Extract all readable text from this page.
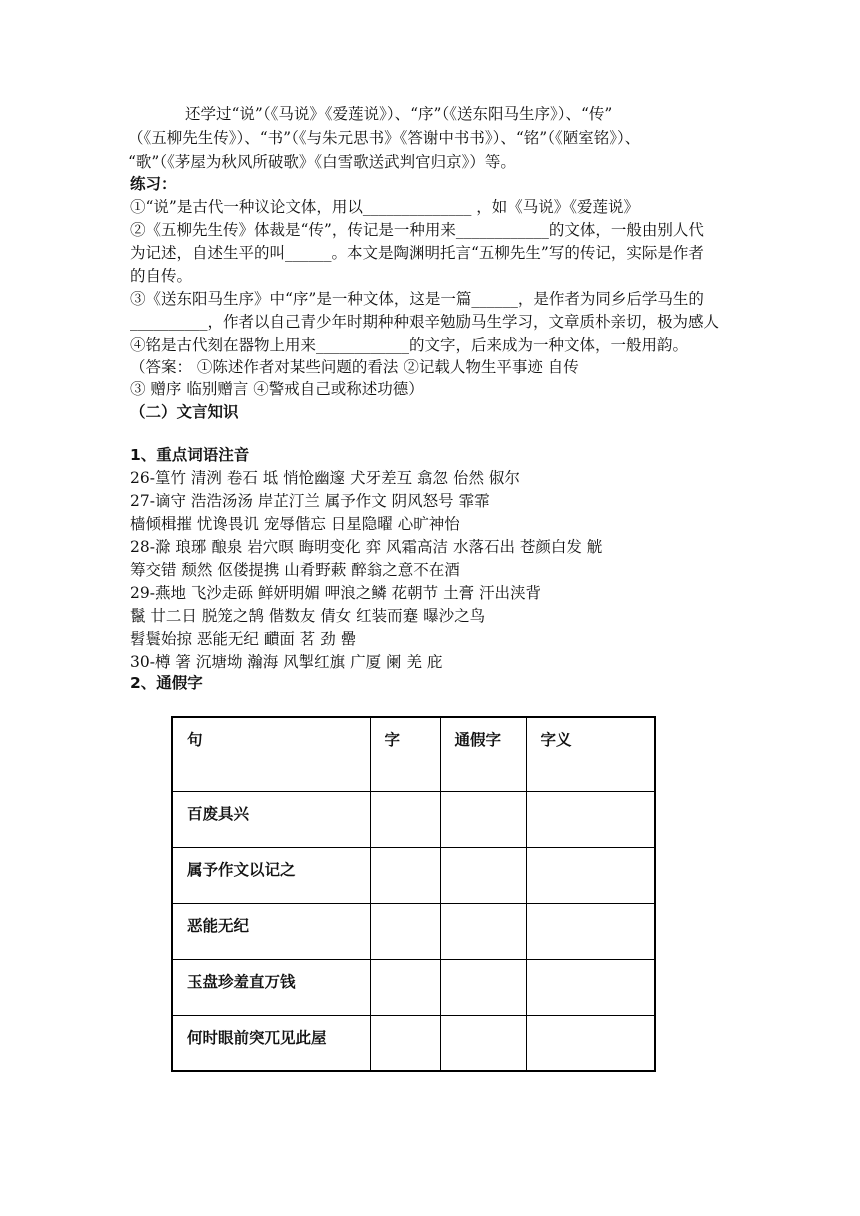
还学过“说”（《马说》《爱莲说》）、“序”（《送东阳马生序》）、“传”
（《五柳先生传》）、“书”（《与朱元思书》《答谢中书书》）、“铭”（《陋室铭》）、
“歌”（《茅屋为秋风所破歌》《白雪歌送武判官归京》）等。
练习：
①“说”是古代一种议论文体，用以______________ ，如《马说》《爱莲说》
②《五柳先生传》体裁是“传”，传记是一种用来____________的文体，一般由别人代
为记述，自述生平的叫______。本文是陶渊明托言“五柳先生”写的传记，实际是作者
的自传。
③《送东阳马生序》中“序”是一种文体，这是一篇______，是作者为同乡后学马生的
__________，作者以自己青少年时期种种艰辛勉励马生学习，文章质朴亲切，极为感人
④铭是古代刻在器物上用来____________的文字，后来成为一种文体，一般用韵。
（答案： ①陈述作者对某些问题的看法 ②记载人物生平事迹 自传
③ 赠序 临别赠言 ④警戒自己或称述功德）
（二）文言知识
1、重点词语注音
26-篁竹 清洌 卷石 坻 悄怆幽邃 犬牙差互 翕忽 佁然 俶尔
27-谪守 浩浩汤汤 岸芷汀兰 属予作文 阴风怒号 霏霏
樯倾楫摧 忧谗畏讥 宠辱偕忘 日星隐曜 心旷神怡
28-滁 琅琊 酿泉 岩穴暝 晦明变化 弈 风霜高洁 水落石出 苍颜白发 觥
筹交错 颓然 伛偻提携 山肴野蔌 醉翁之意不在酒
29-燕地 飞沙走砾 鲜妍明媚 呷浪之鳞 花朝节 土膏 汗出浃背
鬣 廿二日 脱笼之鹄 偕数友 倩女 红装而蹇 曝沙之鸟
髫鬟始掠 恶能无纪 靧面 茗 劲 罍
30-樽 箸 沉塘坳 瀚海 风掣红旗 广厦 阑 羌 庇
2、通假字
句	字	通假字	字义
百废具兴			
属予作文以记之			
恶能无纪			
玉盘珍羞直万钱			
何时眼前突兀见此屋			
